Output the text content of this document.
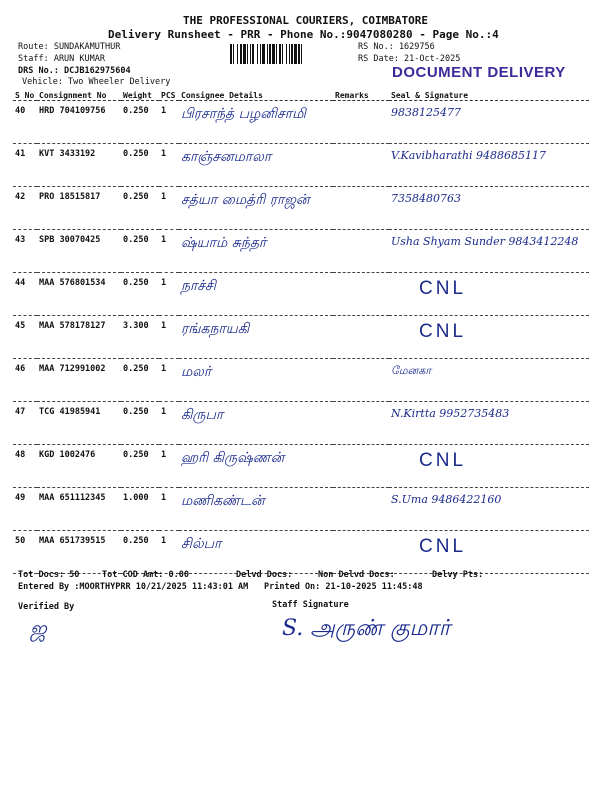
THE PROFESSIONAL COURIERS, COIMBATORE
Delivery Runsheet - PRR - Phone No.:9047080280 - Page No.:4
Route: SUNDAKAMUTHUR
Staff: ARUN KUMAR
DRS No.: DCJB162975604
Vehicle: Two Wheeler Delivery
RS No.: 1629756
RS Date: 21-Oct-2025
DOCUMENT DELIVERY
S No	Consignment No	Weight	PCS	Consignee Details	Remarks	Seal & Signature
40	HRD 704109756	0.250	1	பிரசாந்த் பழனிசாமி		9838125477
41	KVT 3433192	0.250	1	காஞ்சனமாலா		V.Kavibharathi 9488685117
42	PRO 18515817	0.250	1	சத்யா மைத்ரி ராஜன்		7358480763
43	SPB 30070425	0.250	1	ஷ்யாம் சுந்தர்		Usha Shyam Sunder 9843412248
44	MAA 576801534	0.250	1	நாச்சி		CNL
45	MAA 578178127	3.300	1	ரங்கநாயகி		CNL
46	MAA 712991002	0.250	1	மலர்		மேனகா
47	TCG 41985941	0.250	1	கிருபா		N.Kirtta 9952735483
48	KGD 1002476	0.250	1	ஹரி கிருஷ்ணன்		CNL
49	MAA 651112345	1.000	1	மணிகண்டன்		S.Uma 9486422160
50	MAA 651739515	0.250	1	சில்பா		CNL
Tot Docs: 50	Tot COD Amt: 0.00	Delvd Docs:	Non Delvd Docs:	Delvy Pts:
Entered By :MOORTHYPRR 10/21/2025 11:43:01 AM Printed On: 21-10-2025 11:45:48
Verified By	Staff Signature
ஜ	S. அருண் குமார்
